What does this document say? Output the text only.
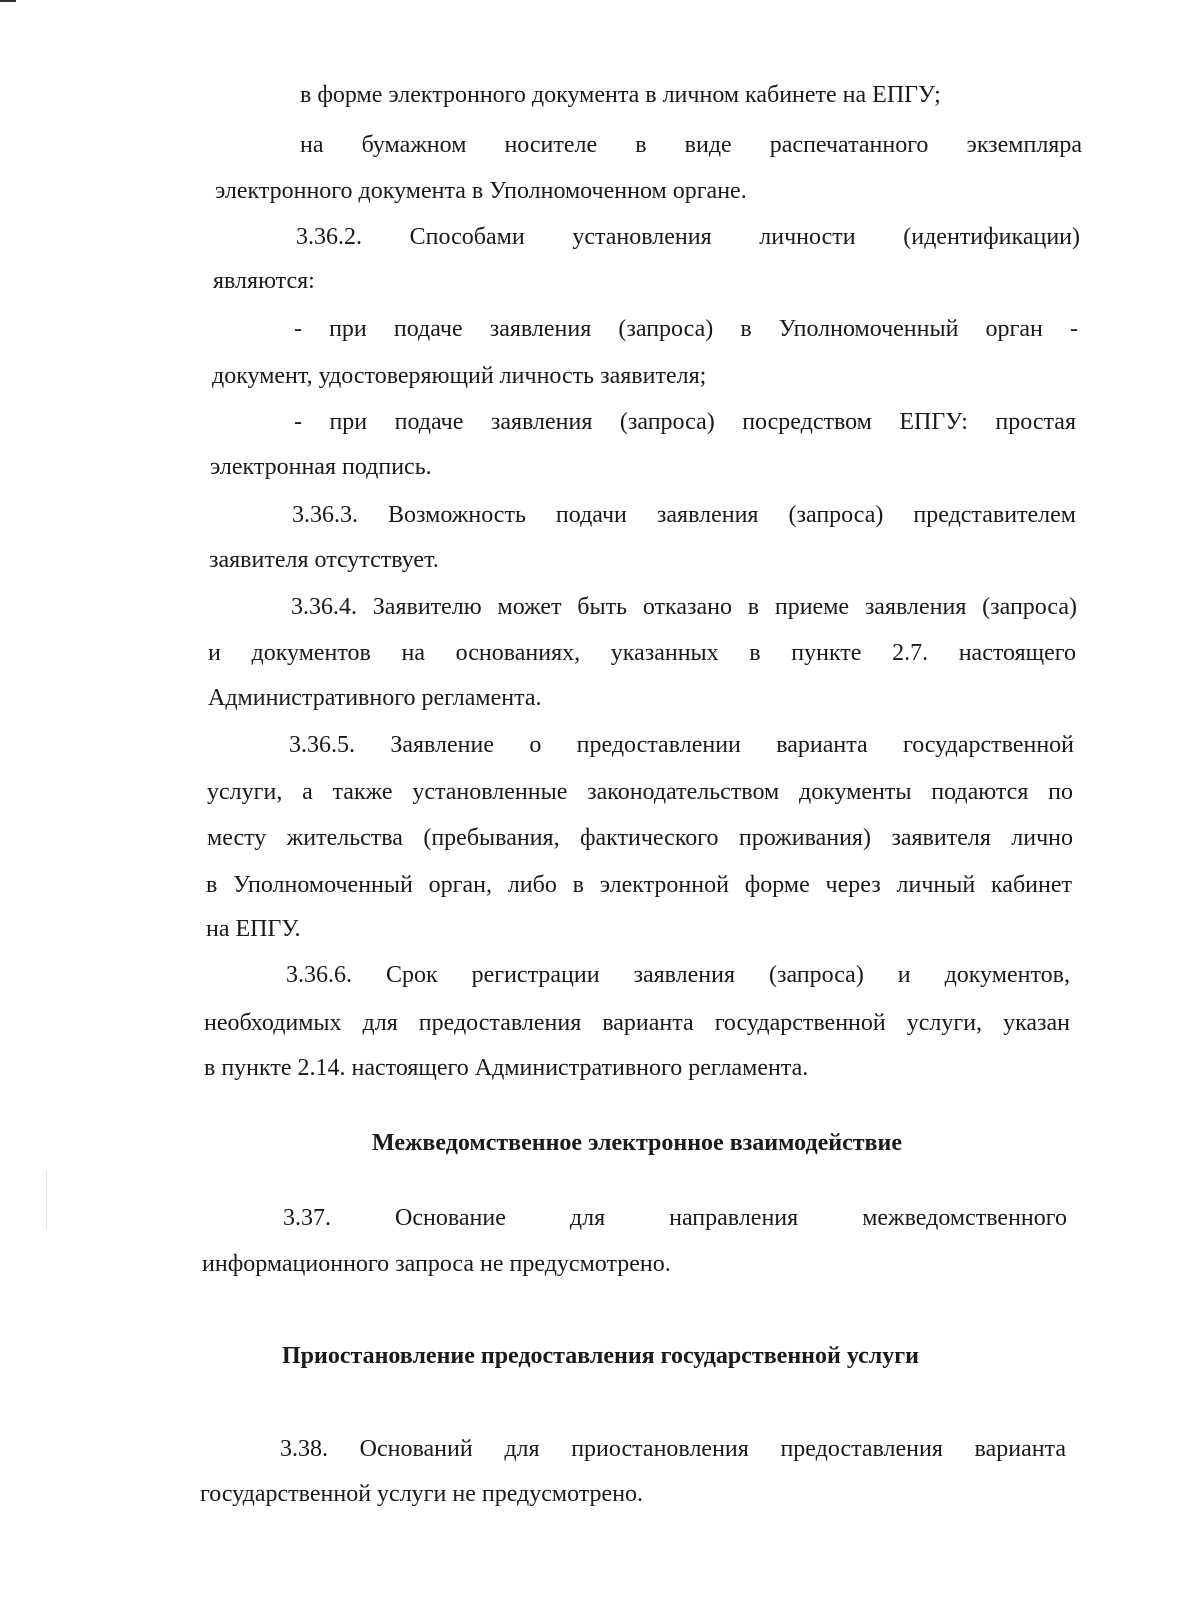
в форме электронного документа в личном кабинете на ЕПГУ;

на бумажном носителе в виде распечатанного экземпляра

электронного документа в Уполномоченном органе.

3.36.2. Способами установления личности (идентификации)

являются:

- при подаче заявления (запроса) в Уполномоченный орган -

документ, удостоверяющий личность заявителя;

- при подаче заявления (запроса) посредством ЕПГУ: простая

электронная подпись.

3.36.3. Возможность подачи заявления (запроса) представителем

заявителя отсутствует.

3.36.4. Заявителю может быть отказано в приеме заявления (запроса)

и документов на основаниях, указанных в пункте 2.7. настоящего

Административного регламента.

3.36.5. Заявление о предоставлении варианта государственной

услуги, а также установленные законодательством документы подаются по

месту жительства (пребывания, фактического проживания) заявителя лично

в Уполномоченный орган, либо в электронной форме через личный кабинет

на ЕПГУ.

3.36.6. Срок регистрации заявления (запроса) и документов,

необходимых для предоставления варианта государственной услуги, указан

в пункте 2.14. настоящего Административного регламента.

Межведомственное электронное взаимодействие

3.37. Основание для направления межведомственного

информационного запроса не предусмотрено.

Приостановление предоставления государственной услуги

3.38. Оснований для приостановления предоставления варианта

государственной услуги не предусмотрено.
